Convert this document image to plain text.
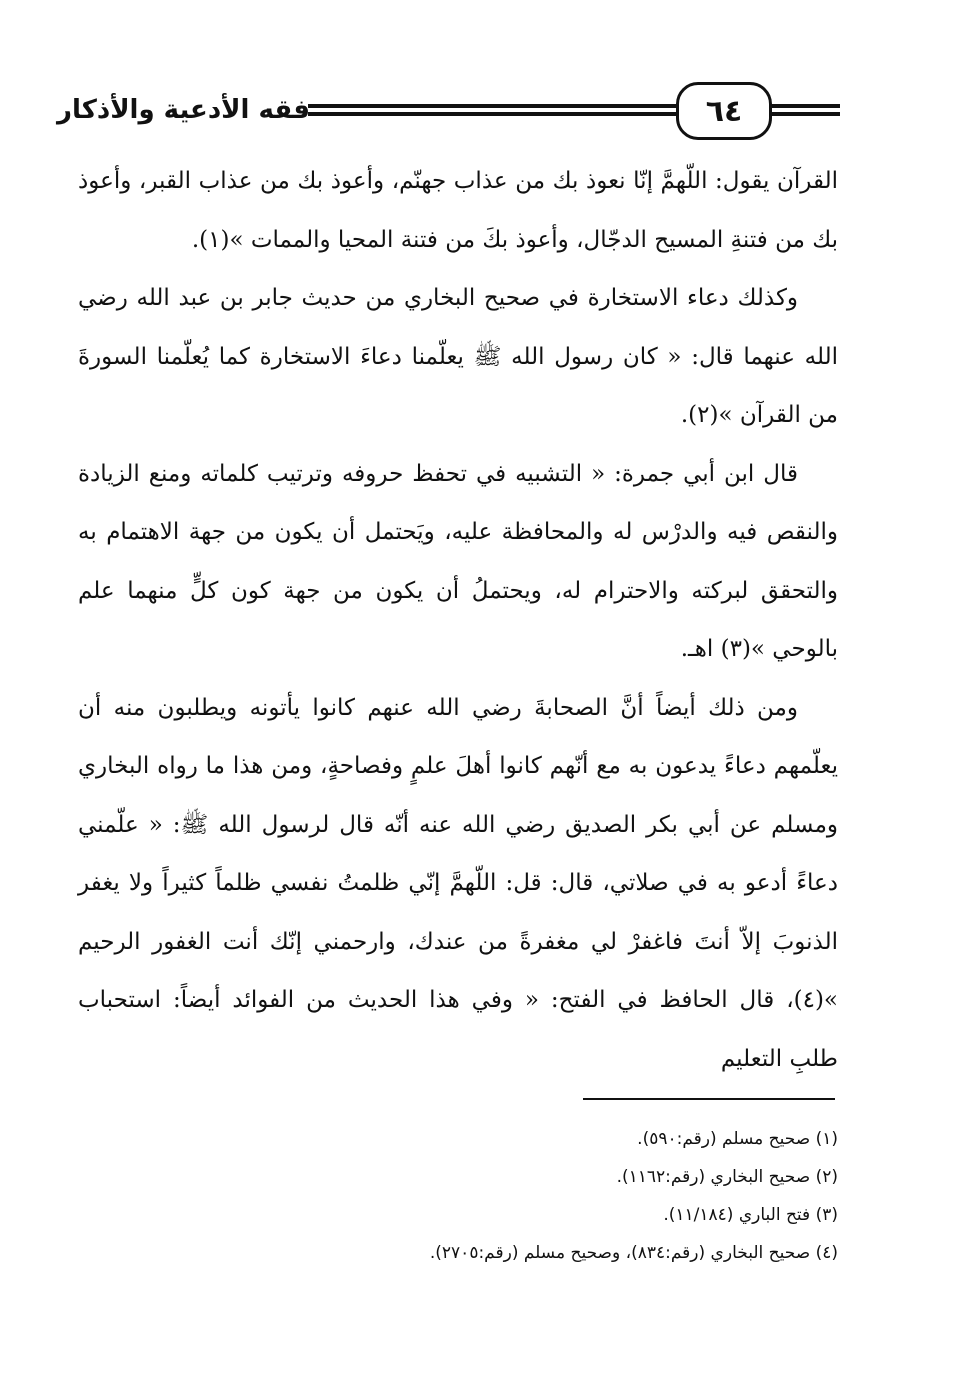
فقه الأدعية والأذكار	٦٤

القرآن يقول: اللّهمَّ إنّا نعوذ بك من عذاب جهنّم، وأعوذ بك من عذاب القبر، وأعوذ بك من فتنةِ المسيح الدجّال، وأعوذ بكَ من فتنة المحيا والممات »(١).

وكذلك دعاء الاستخارة في صحيح البخاري من حديث جابر بن عبد الله رضي الله عنهما قال: « كان رسول الله ﷺ يعلّمنا دعاءَ الاستخارة كما يُعلّمنا السورةَ من القرآن »(٢).

قال ابن أبي جمرة: « التشبيه في تحفظ حروفه وترتيب كلماته ومنع الزيادة والنقص فيه والدرْس له والمحافظة عليه، ويَحتمل أن يكون من جهة الاهتمام به والتحقق لبركته والاحترام له، ويحتملُ أن يكون من جهة كون كلٍّ منهما علم بالوحي »(٣) اهـ.

ومن ذلك أيضاً أنَّ الصحابةَ رضي الله عنهم كانوا يأتونه ويطلبون منه أن يعلّمهم دعاءً يدعون به مع أنّهم كانوا أهلَ علمٍ وفصاحةٍ، ومن هذا ما رواه البخاري ومسلم عن أبي بكر الصديق رضي الله عنه أنّه قال لرسول الله ﷺ: « علّمني دعاءً أدعو به في صلاتي، قال: قل: اللّهمَّ إنّي ظلمتُ نفسي ظلماً كثيراً ولا يغفر الذنوبَ إلاّ أنتَ فاغفرْ لي مغفرةً من عندك، وارحمني إنّك أنت الغفور الرحيم »(٤)، قال الحافظ في الفتح: « وفي هذا الحديث من الفوائد أيضاً: استحباب طلبِ التعليم

(١) صحيح مسلم (رقم:٥٩٠).

(٢) صحيح البخاري (رقم:١١٦٢).

(٣) فتح الباري (١١/١٨٤).

(٤) صحيح البخاري (رقم:٨٣٤)، وصحيح مسلم (رقم:٢٧٠٥).
